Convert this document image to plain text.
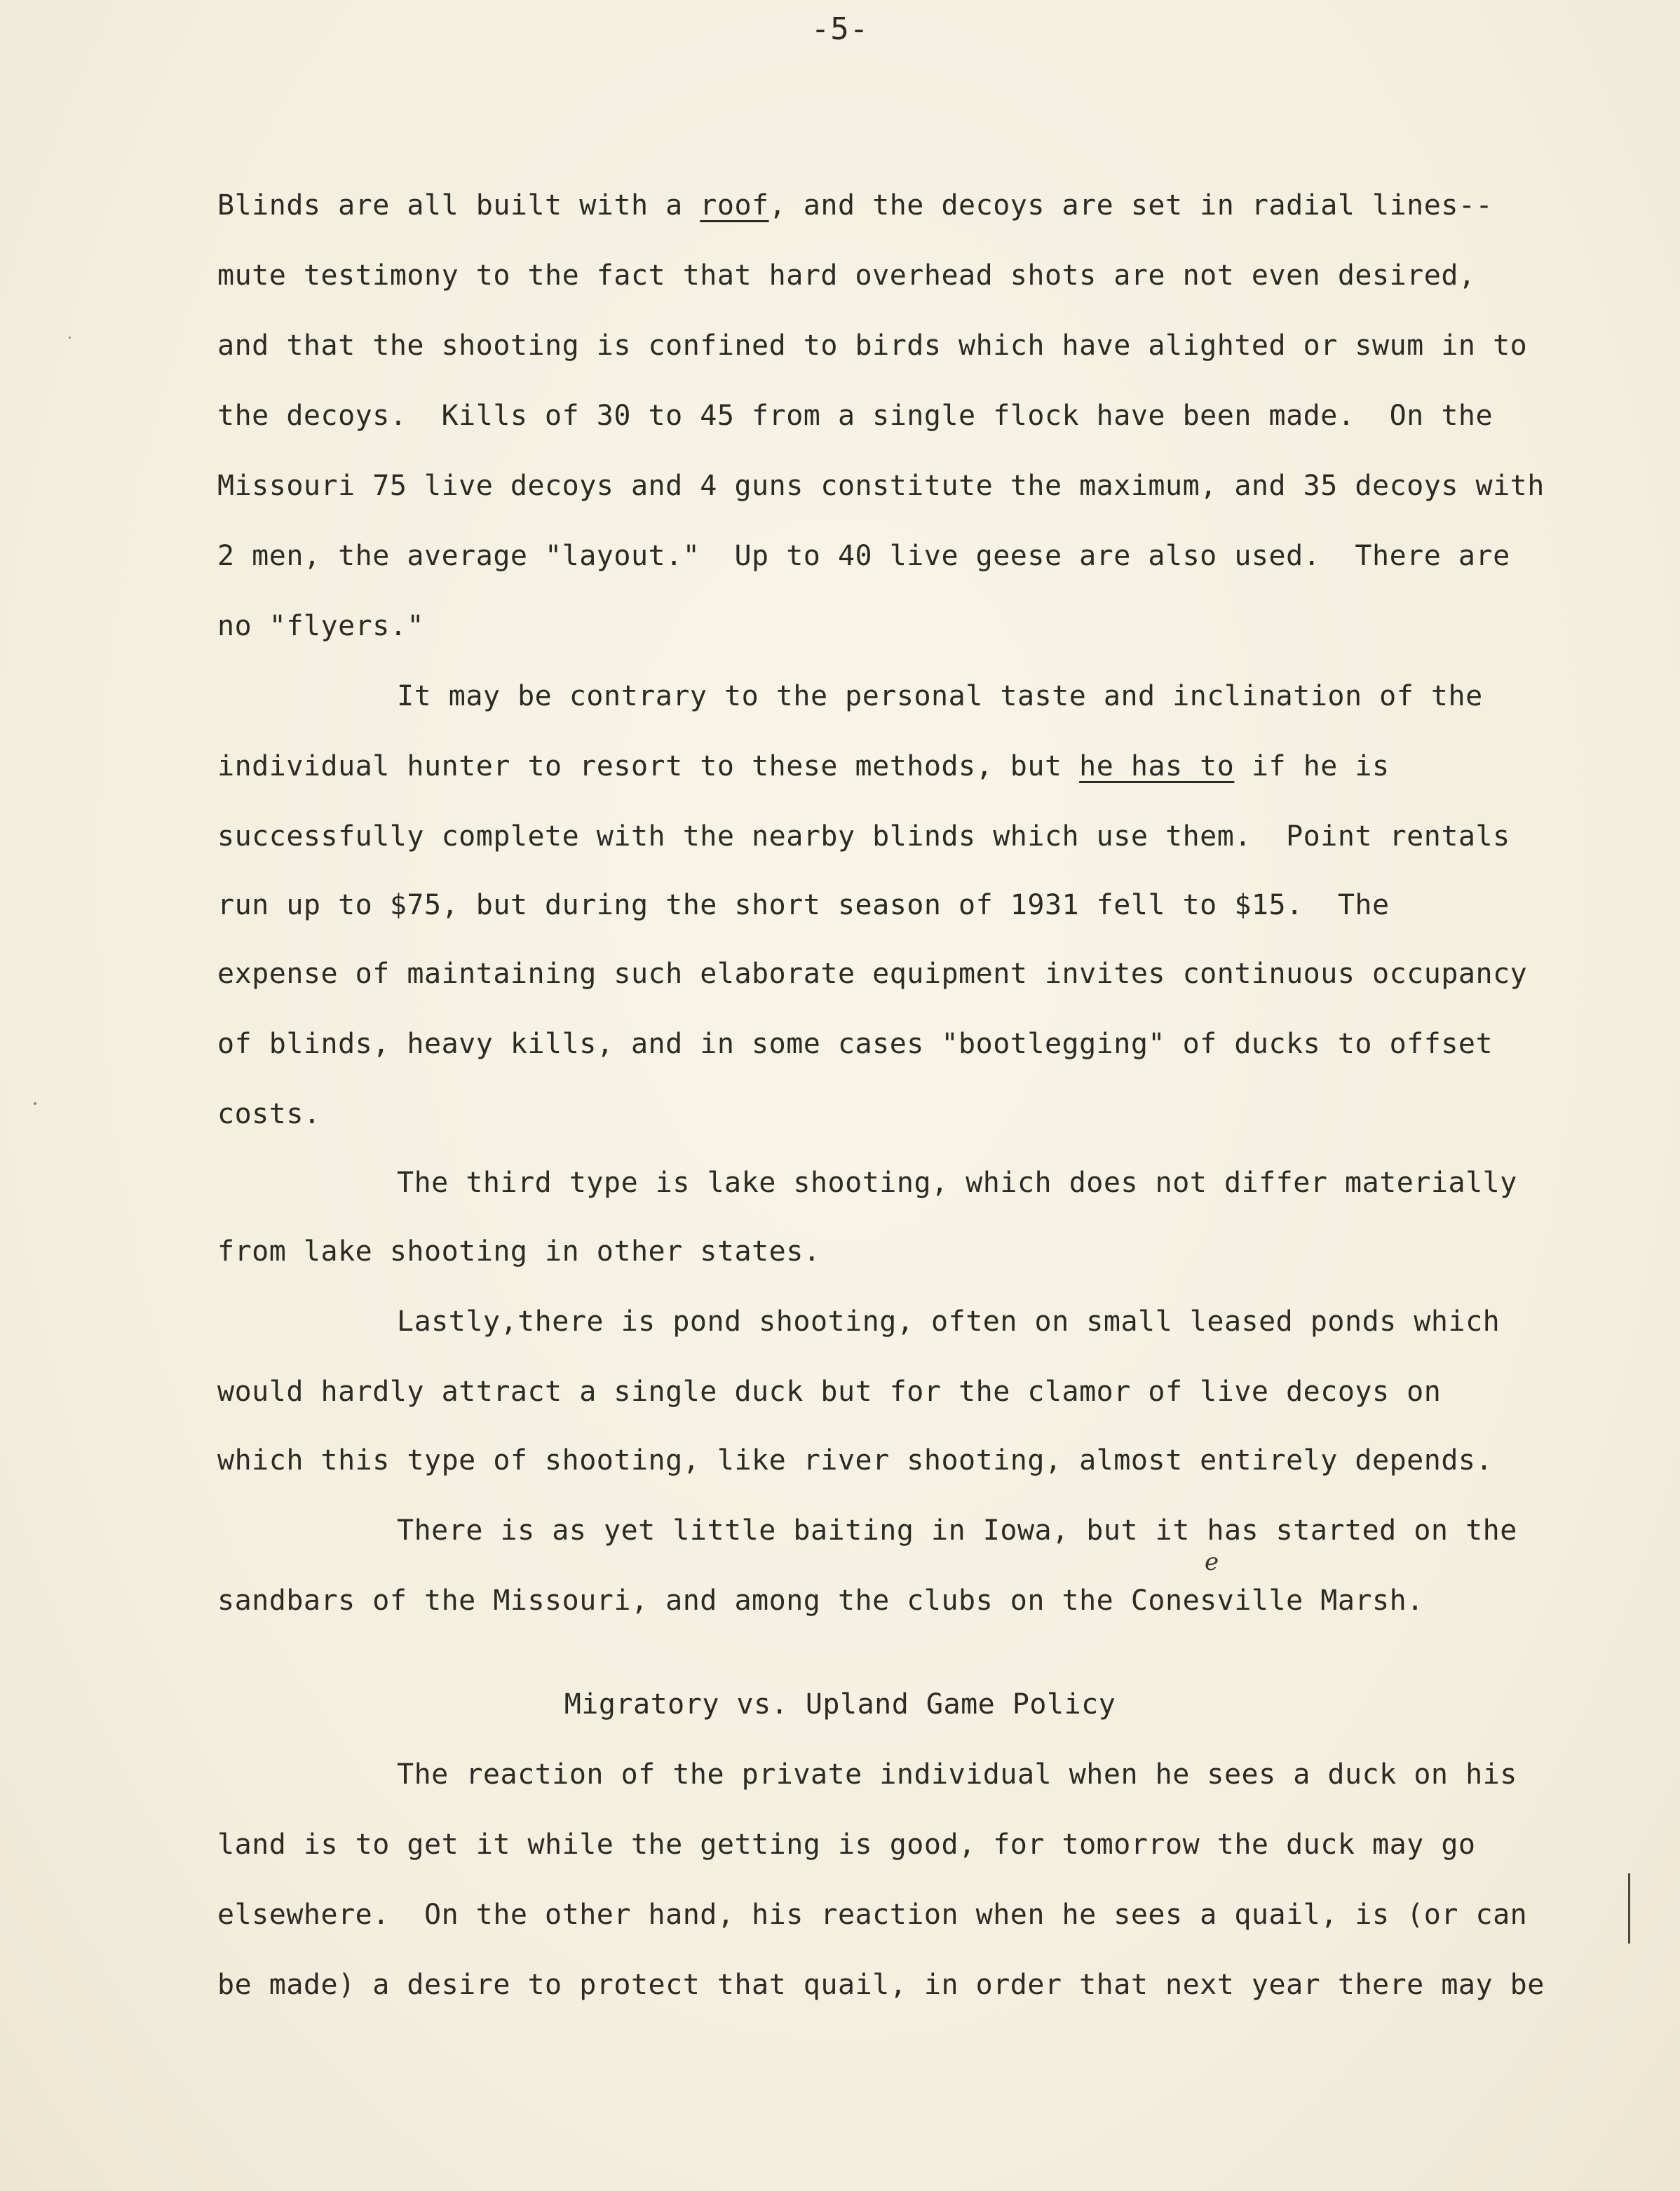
-5-
Blinds are all built with a roof, and the decoys are set in radial lines--
mute testimony to the fact that hard overhead shots are not even desired,
and that the shooting is confined to birds which have alighted or swum in to
the decoys.  Kills of 30 to 45 from a single flock have been made.  On the
Missouri 75 live decoys and 4 guns constitute the maximum, and 35 decoys with
2 men, the average "layout."  Up to 40 live geese are also used.  There are
no "flyers."
It may be contrary to the personal taste and inclination of the
individual hunter to resort to these methods, but he has to if he is
successfully complete with the nearby blinds which use them.  Point rentals
run up to $75, but during the short season of 1931 fell to $15.  The
expense of maintaining such elaborate equipment invites continuous occupancy
of blinds, heavy kills, and in some cases "bootlegging" of ducks to offset
costs.
The third type is lake shooting, which does not differ materially
from lake shooting in other states.
Lastly,there is pond shooting, often on small leased ponds which
would hardly attract a single duck but for the clamor of live decoys on
which this type of shooting, like river shooting, almost entirely depends.
There is as yet little baiting in Iowa, but it has started on the
sandbars of the Missouri, and among the clubs on the Conesville Marsh.
e
Migratory vs. Upland Game Policy
The reaction of the private individual when he sees a duck on his
land is to get it while the getting is good, for tomorrow the duck may go
elsewhere.  On the other hand, his reaction when he sees a quail, is (or can
be made) a desire to protect that quail, in order that next year there may be
